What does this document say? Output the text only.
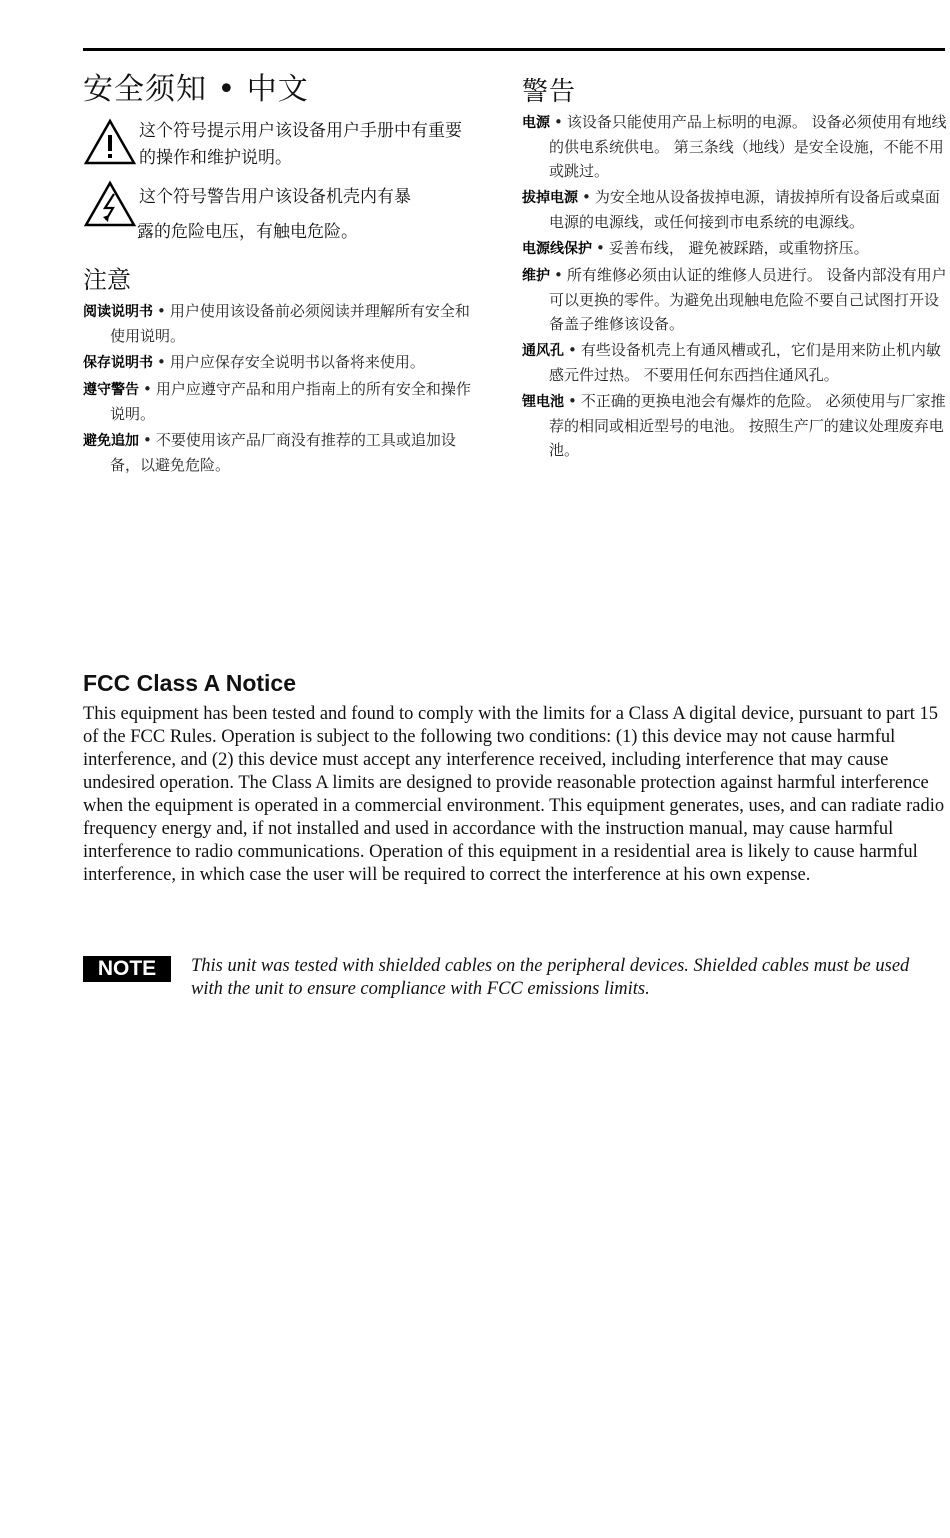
安全须知 • 中文
这个符号提示用户该设备用户手册中有重要的操作和维护说明。
这个符号警告用户该设备机壳内有暴
露的危险电压，有触电危险。
注意
阅读说明书 • 用户使用该设备前必须阅读并理解所有安全和使用说明。
保存说明书 • 用户应保存安全说明书以备将来使用。
遵守警告 • 用户应遵守产品和用户指南上的所有安全和操作说明。
避免追加 • 不要使用该产品厂商没有推荐的工具或追加设备，以避免危险。
警告
电源 • 该设备只能使用产品上标明的电源。 设备必须使用有地线的供电系统供电。 第三条线（地线）是安全设施，不能不用或跳过。
拔掉电源 • 为安全地从设备拔掉电源，请拔掉所有设备后或桌面电源的电源线，或任何接到市电系统的电源线。
电源线保护 • 妥善布线， 避免被踩踏，或重物挤压。
维护 • 所有维修必须由认证的维修人员进行。 设备内部没有用户可以更换的零件。为避免出现触电危险不要自己试图打开设备盖子维修该设备。
通风孔 • 有些设备机壳上有通风槽或孔，它们是用来防止机内敏感元件过热。 不要用任何东西挡住通风孔。
锂电池 • 不正确的更换电池会有爆炸的危险。 必须使用与厂家推荐的相同或相近型号的电池。 按照生产厂的建议处理废弃电池。
FCC Class A Notice

This equipment has been tested and found to comply with the limits for a Class A digital device, pursuant to part 15 of the FCC Rules. Operation is subject to the following two conditions: (1) this device may not cause harmful interference, and (2) this device must accept any interference received, including interference that may cause undesired operation. The Class A limits are designed to provide reasonable protection against harmful interference when the equipment is operated in a commercial environment. This equipment generates, uses, and can radiate radio frequency energy and, if not installed and used in accordance with the instruction manual, may cause harmful interference to radio communications. Operation of this equipment in a residential area is likely to cause harmful interference, in which case the user will be required to correct the interference at his own expense.

NOTE	This unit was tested with shielded cables on the peripheral devices. Shielded cables must be used with the unit to ensure compliance with FCC emissions limits.
